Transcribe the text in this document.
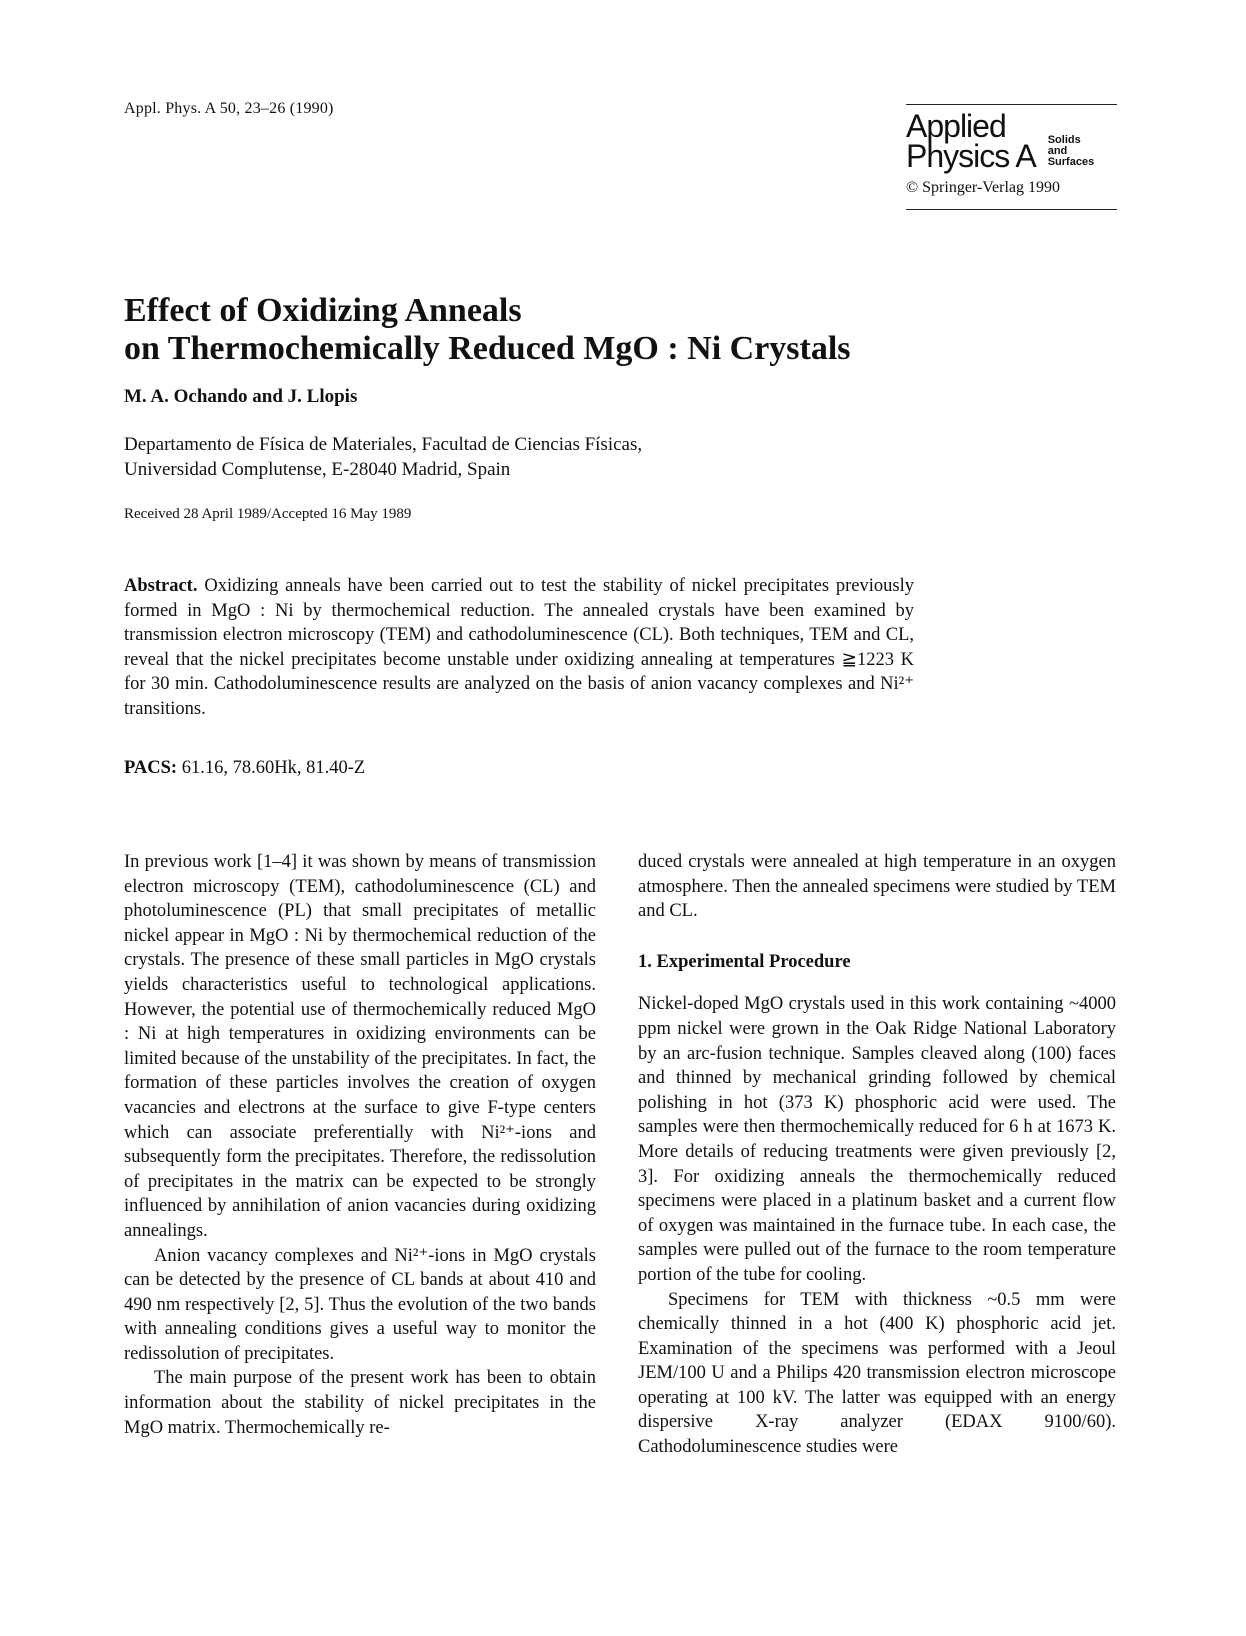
Appl. Phys. A 50, 23–26 (1990)	Applied
Physics A Solids
and
Surfaces
© Springer-Verlag 1990
Effect of Oxidizing Anneals
on Thermochemically Reduced MgO : Ni Crystals
M. A. Ochando and J. Llopis
Departamento de Física de Materiales, Facultad de Ciencias Físicas,
Universidad Complutense, E-28040 Madrid, Spain
Received 28 April 1989/Accepted 16 May 1989
Abstract. Oxidizing anneals have been carried out to test the stability of nickel precipitates previously formed in MgO : Ni by thermochemical reduction. The annealed crystals have been examined by transmission electron microscopy (TEM) and cathodoluminescence (CL). Both techniques, TEM and CL, reveal that the nickel precipitates become unstable under oxidizing annealing at temperatures ≧1223 K for 30 min. Cathodoluminescence results are analyzed on the basis of anion vacancy complexes and Ni²⁺ transitions.
PACS: 61.16, 78.60Hk, 81.40-Z

In previous work [1–4] it was shown by means of transmission electron microscopy (TEM), cathodoluminescence (CL) and photoluminescence (PL) that small precipitates of metallic nickel appear in MgO : Ni by thermochemical reduction of the crystals. The presence of these small particles in MgO crystals yields characteristics useful to technological applications. However, the potential use of thermochemically reduced MgO : Ni at high temperatures in oxidizing environments can be limited because of the unstability of the precipitates. In fact, the formation of these particles involves the creation of oxygen vacancies and electrons at the surface to give F-type centers which can associate preferentially with Ni²⁺-ions and subsequently form the precipitates. Therefore, the redissolution of precipitates in the matrix can be expected to be strongly influenced by annihilation of anion vacancies during oxidizing annealings.

Anion vacancy complexes and Ni²⁺-ions in MgO crystals can be detected by the presence of CL bands at about 410 and 490 nm respectively [2, 5]. Thus the evolution of the two bands with annealing conditions gives a useful way to monitor the redissolution of precipitates.

The main purpose of the present work has been to obtain information about the stability of nickel precipitates in the MgO matrix. Thermochemically re-

duced crystals were annealed at high temperature in an oxygen atmosphere. Then the annealed specimens were studied by TEM and CL.

1. Experimental Procedure

Nickel-doped MgO crystals used in this work containing ~4000 ppm nickel were grown in the Oak Ridge National Laboratory by an arc-fusion technique. Samples cleaved along (100) faces and thinned by mechanical grinding followed by chemical polishing in hot (373 K) phosphoric acid were used. The samples were then thermochemically reduced for 6 h at 1673 K. More details of reducing treatments were given previously [2, 3]. For oxidizing anneals the thermochemically reduced specimens were placed in a platinum basket and a current flow of oxygen was maintained in the furnace tube. In each case, the samples were pulled out of the furnace to the room temperature portion of the tube for cooling.

Specimens for TEM with thickness ~0.5 mm were chemically thinned in a hot (400 K) phosphoric acid jet. Examination of the specimens was performed with a Jeoul JEM/100 U and a Philips 420 transmission electron microscope operating at 100 kV. The latter was equipped with an energy dispersive X-ray analyzer (EDAX 9100/60). Cathodoluminescence studies were
